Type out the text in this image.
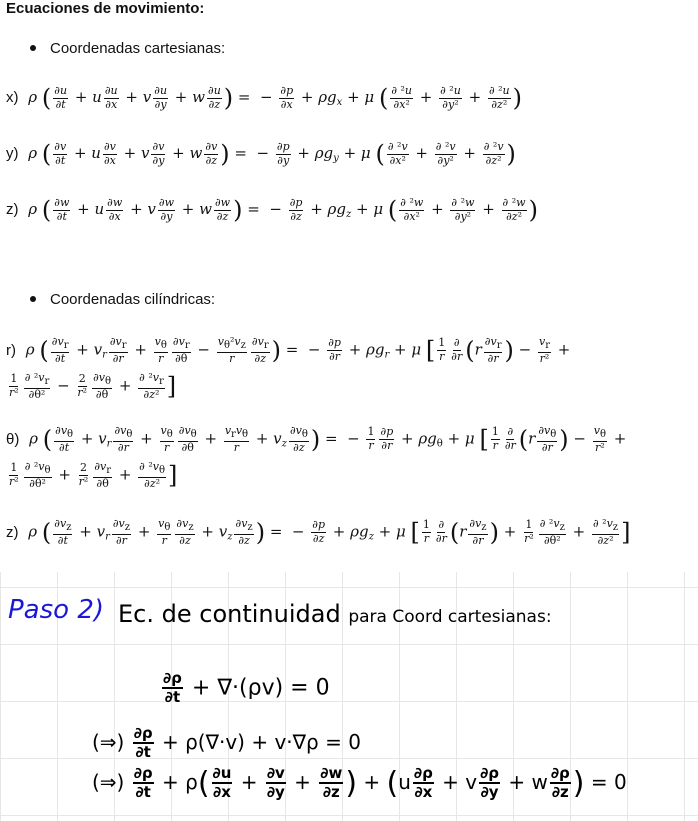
Ecuaciones de movimiento:
Coordenadas cartesianas:
x) ρ ( $\frac{\partial u}{\partial t} + u \frac{\partial u}{\partial x} + v \frac{\partial u}{\partial y} + w \frac{\partial u}{\partial z}$ ) =  − $\frac{\partial p}{\partial x} + \rho g_x + \mu$ ( $\frac{\text{∂ ²u}}{\text{∂x²}} + \frac{\text{∂ ²u}}{\text{∂y²}} + \frac{\text{∂ ²u}}{\text{∂z²}}$ )
y) ρ ( $\frac{\partial v}{\partial t} + u \frac{\partial v}{\partial x} + v \frac{\partial v}{\partial y} + w \frac{\partial v}{\partial z}$ ) =  − $\frac{\partial p}{\partial y} + \rho g_y + \mu$ ( $\frac{\text{∂ ²v}}{\text{∂x²}} + \frac{\text{∂ ²v}}{\text{∂y²}} + \frac{\text{∂ ²v}}{\text{∂z²}}$ )
z) ρ ( $\frac{\partial w}{\partial t} + u \frac{\partial w}{\partial x} + v \frac{\partial w}{\partial y} + w \frac{\partial w}{\partial z}$ ) =  − $\frac{\partial p}{\partial z} + \rho g_z + \mu$ ( $\frac{\text{∂ ²w}}{\text{∂x²}} + \frac{\text{∂ ²w}}{\text{∂y²}} + \frac{\text{∂ ²w}}{\text{∂z²}}$ )
Coordenadas cilíndricas:
r) ρ ( $\frac{\partial vr}{\partial t} + v_r \frac{\partial vr}{\partial r} + \frac{v\theta}{r} \frac{\partial vr}{\partial\theta} - \frac{\text{vθ²vz}}{r} \frac{\partial vr}{\partial z}$ ) =  − $\frac{\partial p}{\partial r} + \rho g_r + \mu$ [ $\frac{1}{r} \frac{\partial}{\partial r} (r \frac{\partial vr}{\partial r}$ ) − $\frac{vr}{\text{r²}}$ +
$\frac{1}{\text{r²}} \frac{\text{∂ ²vr}}{\text{∂θ²}} - \frac{2}{\text{r²}} \frac{\partial v\theta}{\partial\theta} + \frac{\text{∂ ²vr}}{\text{∂z²}}$ ]
θ) ρ ( $\frac{\partial v\theta}{\partial t} + v_r \frac{\partial v\theta}{\partial r} + \frac{v\theta}{r} \frac{\partial v\theta}{\partial\theta} + \frac{\text{vrvθ}}{r} + v_z \frac{\partial v\theta}{\partial z}$ ) =  − $\frac{1}{r} \frac{\partial p}{\partial r} + \rho g_\theta + \mu$ [ $\frac{1}{r} \frac{\partial}{\partial r} (r \frac{\partial v\theta}{\partial r}$ ) − $\frac{v\theta}{\text{r²}}$ +
$\frac{1}{\text{r²}} \frac{\text{∂ ²vθ}}{\text{∂θ²}} + \frac{2}{\text{r²}} \frac{\partial vr}{\partial\theta} + \frac{\text{∂ ²vθ}}{\text{∂z²}}$ ]
z) ρ ( $\frac{\partial vz}{\partial t} + v_r \frac{\partial vz}{\partial r} + \frac{v\theta}{r} \frac{\partial vz}{\partial z} + v_z \frac{\partial vz}{\partial z}$ ) =  − $\frac{\partial p}{\partial z} + \rho g_z + \mu$ [ $\frac{1}{r} \frac{\partial}{\partial r} (r \frac{\partial vz}{\partial r}$ ) + $\frac{1}{\text{r²}} \frac{\text{∂ ²vz}}{\text{∂θ²}} + \frac{\text{∂ ²vz}}{\text{∂z²}}$ ]
Paso 2) Ec. de continuidad para Coord cartesianas:
$\frac{\partial\rho}{\partial t} + \nabla\cdot(\rho v) = 0$
(⇒) $\frac{\partial\rho}{\partial t} + \rho(\nabla\cdot v) + v\cdot\nabla\rho = 0$
(⇒) $\frac{\partial\rho}{\partial t} + \rho( \frac{\partial u}{\partial x} + \frac{\partial v}{\partial y} + \frac{\partial w}{\partial z}$ ) + ($u \frac{\partial\rho}{\partial x} + v \frac{\partial\rho}{\partial y} + w \frac{\partial\rho}{\partial z}$ ) = 0
